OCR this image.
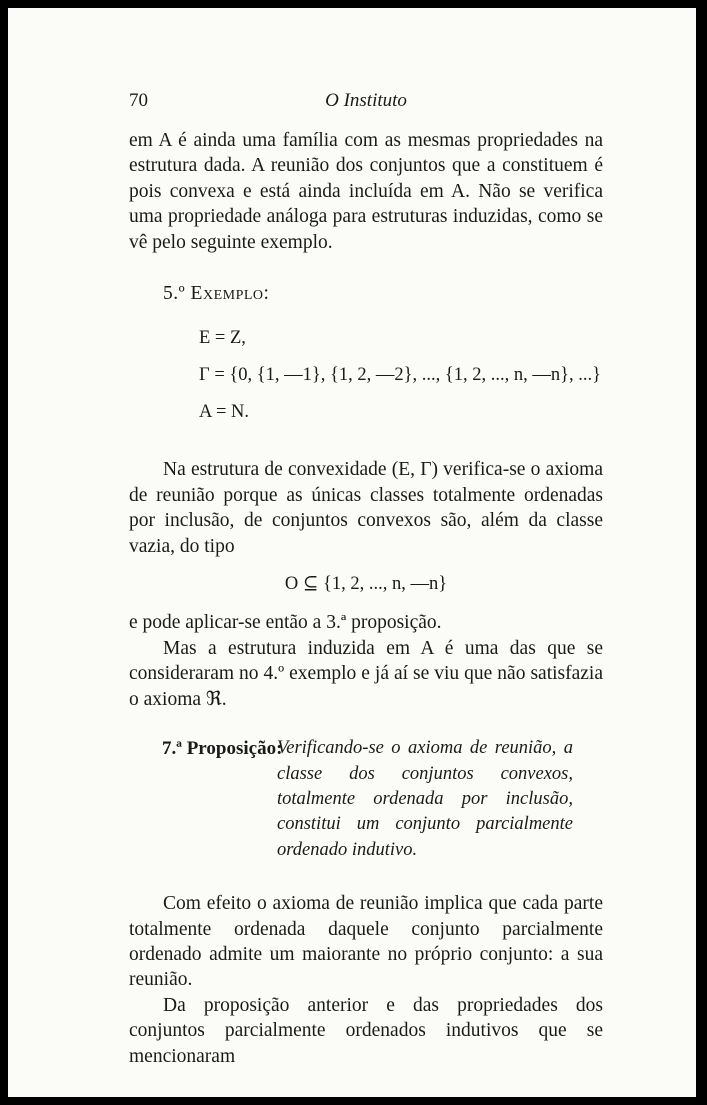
70	O Instituto

em A é ainda uma família com as mesmas propriedades na estrutura dada. A reunião dos conjuntos que a constituem é pois convexa e está ainda incluída em A. Não se verifica uma propriedade análoga para estruturas induzidas, como se vê pelo seguinte exemplo.

5.º Exemplo:

E = Z,
Γ = {0, {1, —1}, {1, 2, —2}, ..., {1, 2, ..., n, —n}, ...}
A = N.

Na estrutura de convexidade (E, Γ) verifica-se o axioma de reunião porque as únicas classes totalmente ordenadas por inclusão, de conjuntos convexos são, além da classe vazia, do tipo

O ⊆ {1, 2, ..., n, —n}

e pode aplicar-se então a 3.ª proposição.

Mas a estrutura induzida em A é uma das que se consideraram no 4.º exemplo e já aí se viu que não satisfazia o axioma ℜ.

7.ª Proposição:
Verificando-se o axioma de reunião, a classe dos conjuntos convexos, totalmente ordenada por inclusão, constitui um conjunto parcialmente ordenado indutivo.

Com efeito o axioma de reunião implica que cada parte totalmente ordenada daquele conjunto parcialmente ordenado admite um maiorante no próprio conjunto: a sua reunião.

Da proposição anterior e das propriedades dos conjuntos parcialmente ordenados indutivos que se mencionaram
